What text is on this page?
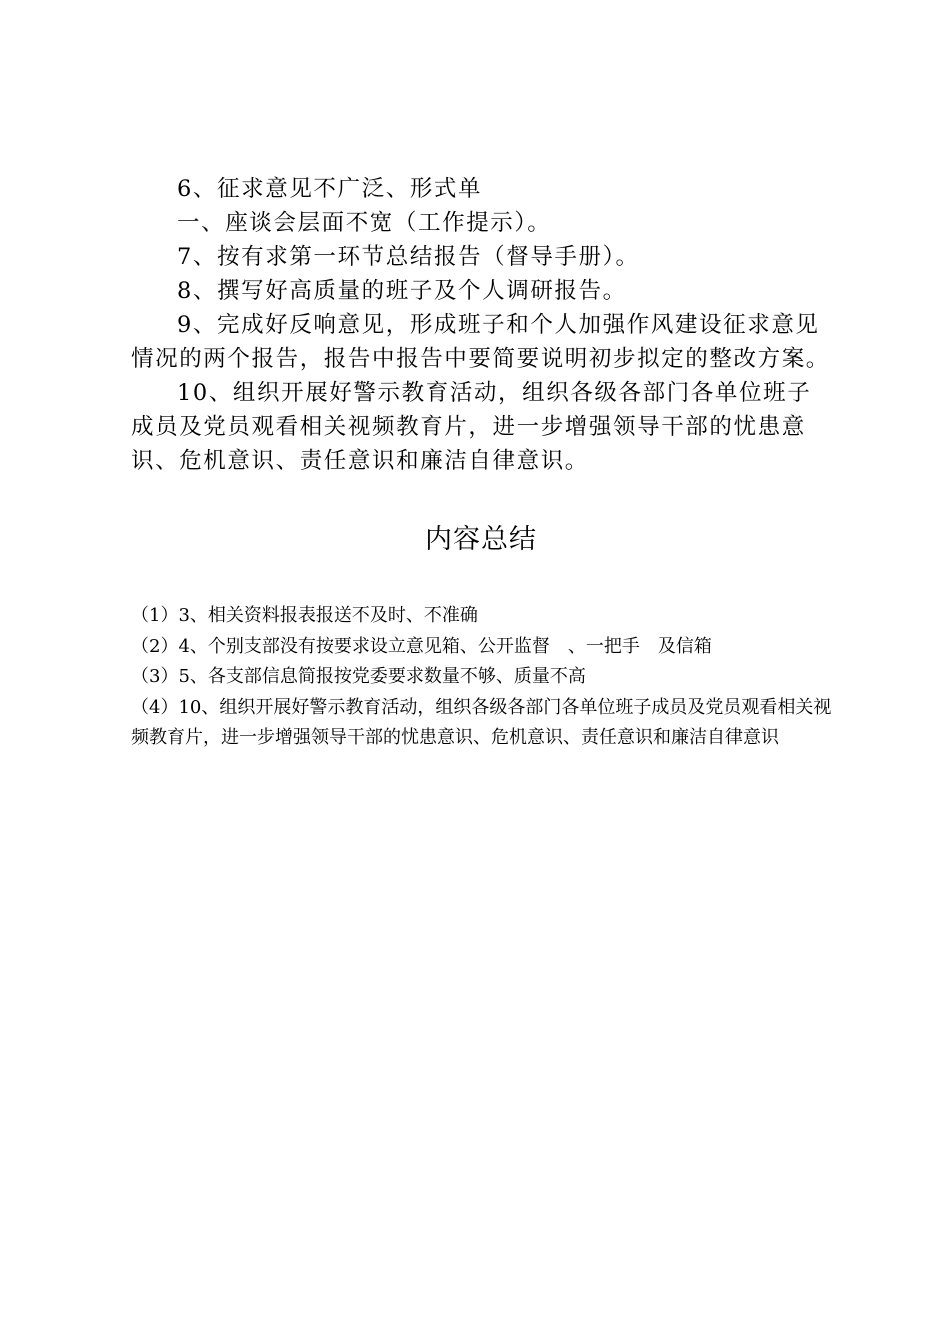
6、征求意见不广泛、形式单

一、座谈会层面不宽（工作提示）。

7、按有求第一环节总结报告（督导手册）。

8、撰写好高质量的班子及个人调研报告。

9、完成好反响意见，形成班子和个人加强作风建设征求意见情况的两个报告，报告中报告中要简要说明初步拟定的整改方案。

10、组织开展好警示教育活动，组织各级各部门各单位班子成员及党员观看相关视频教育片，进一步增强领导干部的忧患意识、危机意识、责任意识和廉洁自律意识。

内容总结

（1）3、相关资料报表报送不及时、不准确

（2）4、个别支部没有按要求设立意见箱、公开监督　、一把手　及信箱

（3）5、各支部信息简报按党委要求数量不够、质量不高

（4）10、组织开展好警示教育活动，组织各级各部门各单位班子成员及党员观看相关视频教育片，进一步增强领导干部的忧患意识、危机意识、责任意识和廉洁自律意识
